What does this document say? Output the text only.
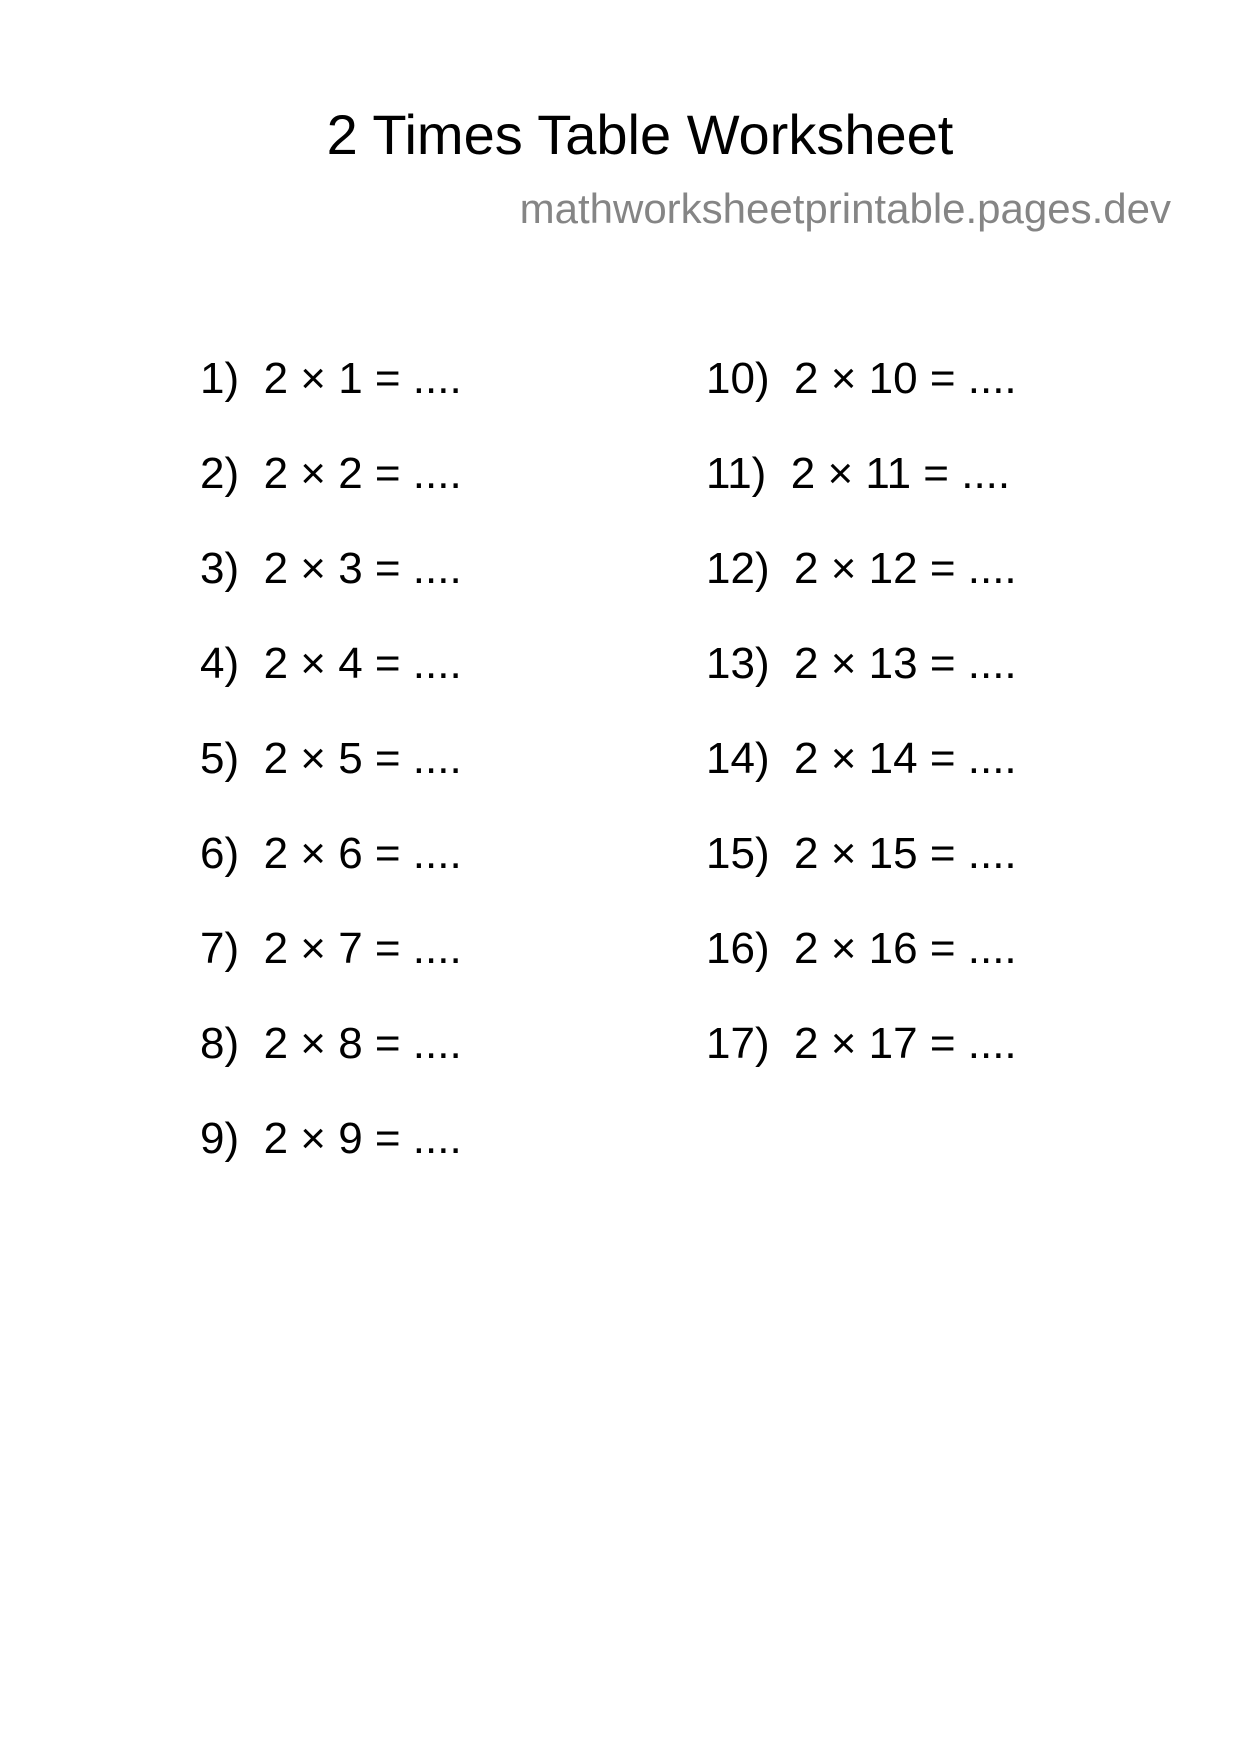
2 Times Table Worksheet
mathworksheetprintable.pages.dev
1)  2 × 1 = ....
2)  2 × 2 = ....
3)  2 × 3 = ....
4)  2 × 4 = ....
5)  2 × 5 = ....
6)  2 × 6 = ....
7)  2 × 7 = ....
8)  2 × 8 = ....
9)  2 × 9 = ....
10)  2 × 10 = ....
11)  2 × 11 = ....
12)  2 × 12 = ....
13)  2 × 13 = ....
14)  2 × 14 = ....
15)  2 × 15 = ....
16)  2 × 16 = ....
17)  2 × 17 = ....
